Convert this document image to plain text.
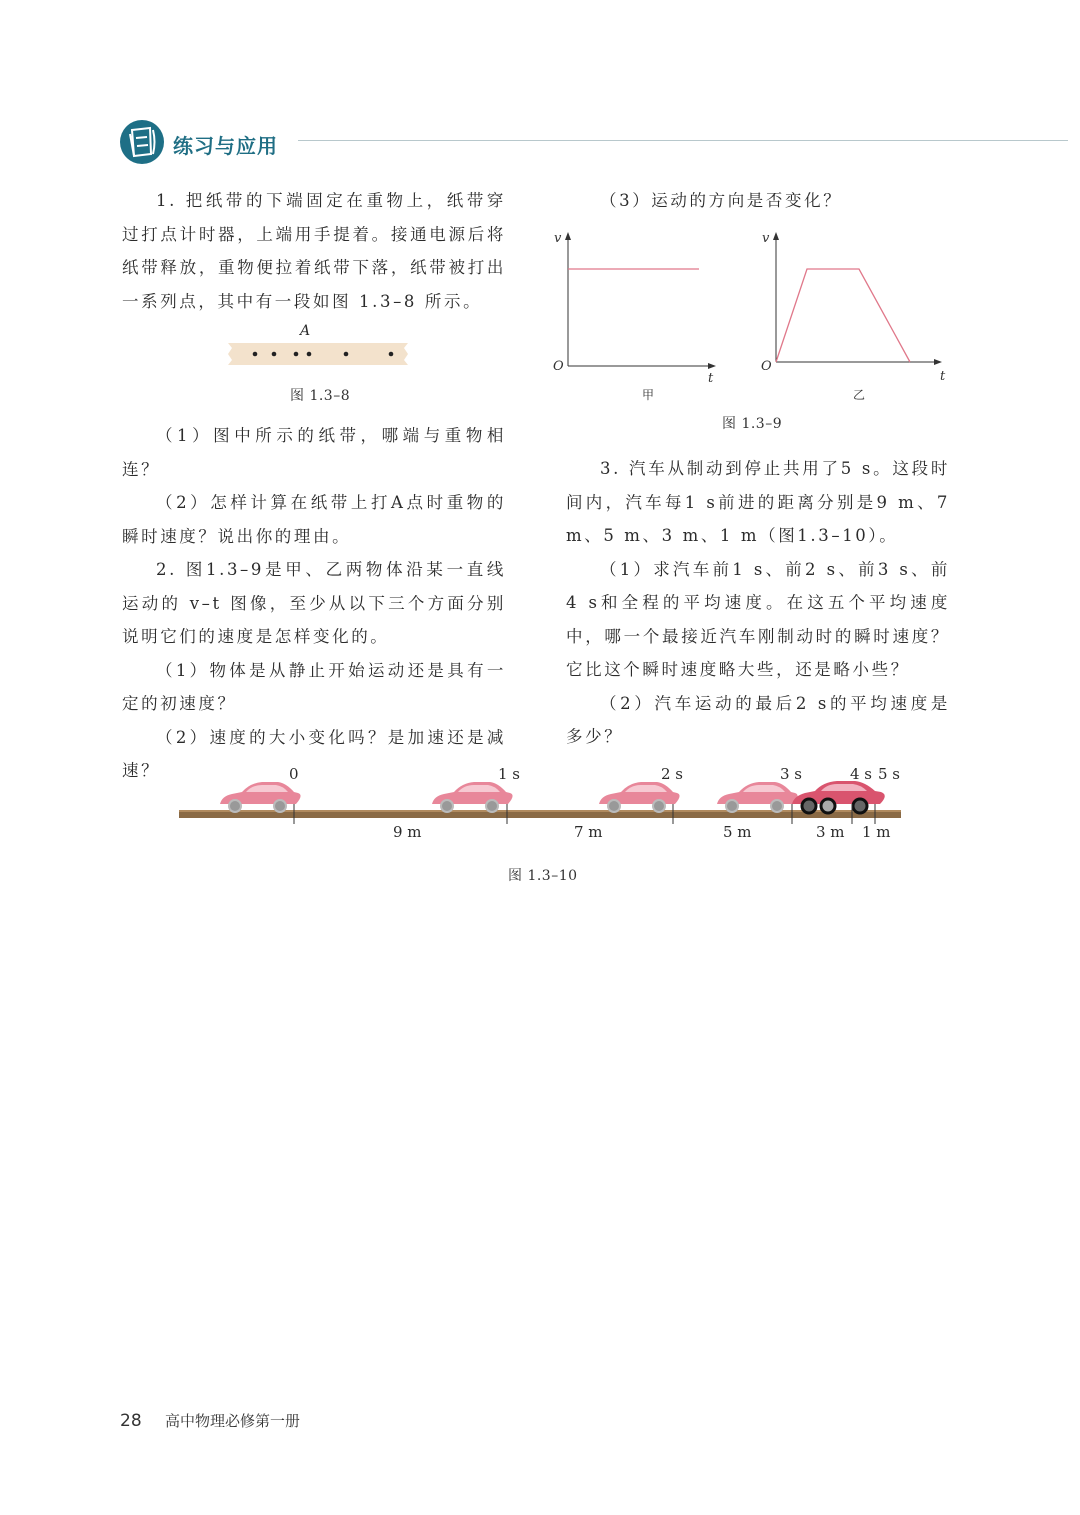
练习与应用

1. 把纸带的下端固定在重物上，纸带穿过打点计时器，上端用手提着。接通电源后将纸带释放，重物便拉着纸带下落，纸带被打出一系列点，其中有一段如图 1.3–8 所示。

A
图 1.3–8

（1）图中所示的纸带，哪端与重物相连？

（2）怎样计算在纸带上打A点时重物的瞬时速度？说出你的理由。

2. 图1.3–9是甲、乙两物体沿某一直线运动的 v–t 图像，至少从以下三个方面分别说明它们的速度是怎样变化的。

（1）物体是从静止开始运动还是具有一定的初速度？

（2）速度的大小变化吗？是加速还是减速？

（3）运动的方向是否变化？

v
O
t
甲
v
O
t
乙
图 1.3–9

3. 汽车从制动到停止共用了5 s。这段时间内，汽车每1 s前进的距离分别是9 m、7 m、5 m、3 m、1 m（图1.3–10）。

（1）求汽车前1 s、前2 s、前3 s、前4 s和全程的平均速度。在这五个平均速度中，哪一个最接近汽车刚制动时的瞬时速度？它比这个瞬时速度略大些，还是略小些？

（2）汽车运动的最后2 s的平均速度是多少？

0	1 s	2 s	3 s	4 s 5 s
9 m	7 m	5 m	3 m 1 m
图 1.3–10
28 高中物理必修第一册
